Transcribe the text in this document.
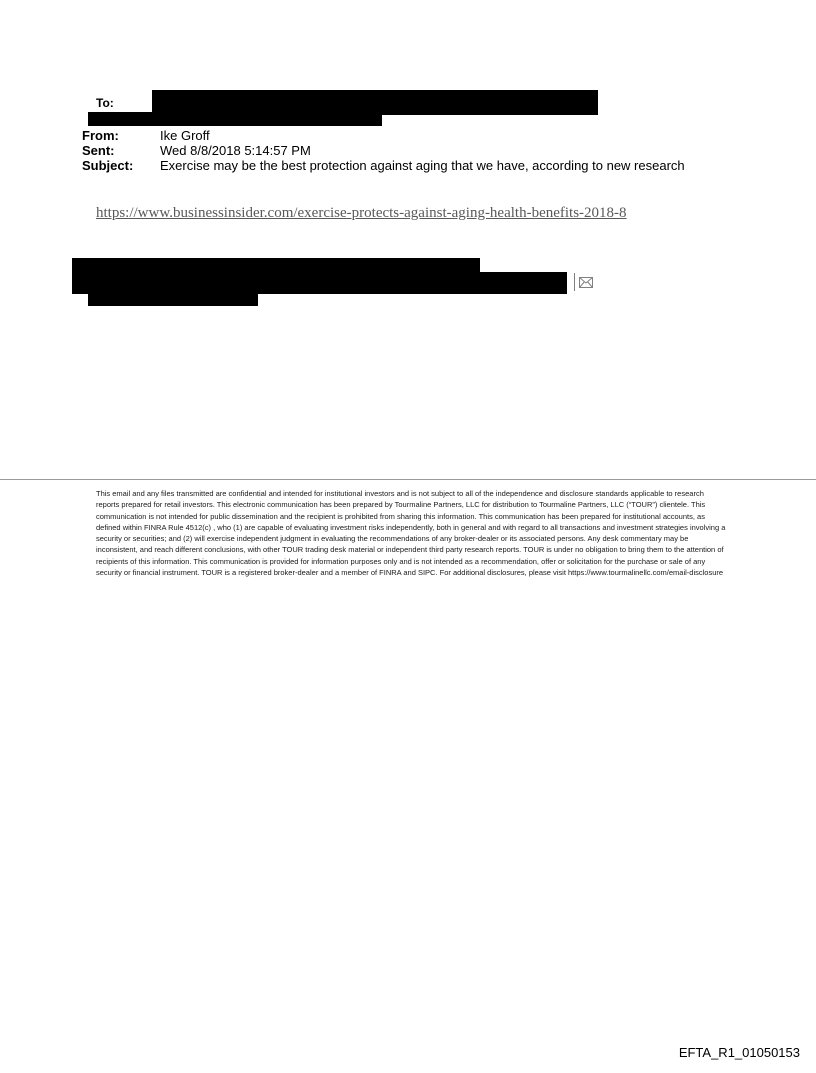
To:
From:	Ike Groff
Sent:	Wed 8/8/2018 5:14:57 PM
Subject: Exercise may be the best protection against aging that we have, according to new research
https://www.businessinsider.com/exercise-protects-against-aging-health-benefits-2018-8

This email and any files transmitted are confidential and intended for institutional investors and is not subject to all of the independence and disclosure standards applicable to research reports prepared for retail investors. This electronic communication has been prepared by Tourmaline Partners, LLC for distribution to Tourmaline Partners, LLC (“TOUR”) clientele. This communication is not intended for public dissemination and the recipient is prohibited from sharing this information. This communication has been prepared for institutional accounts, as defined within FINRA Rule 4512(c) , who (1) are capable of evaluating investment risks independently, both in general and with regard to all transactions and investment strategies involving a security or securities; and (2) will exercise independent judgment in evaluating the recommendations of any broker-dealer or its associated persons. Any desk commentary may be inconsistent, and reach different conclusions, with other TOUR trading desk material or independent third party research reports. TOUR is under no obligation to bring them to the attention of recipients of this information. This communication is provided for information purposes only and is not intended as a recommendation, offer or solicitation for the purchase or sale of any security or financial instrument. TOUR is a registered broker-dealer and a member of FINRA and SIPC. For additional disclosures, please visit https://www.tourmalinellc.com/email-disclosure

EFTA_R1_01050153
